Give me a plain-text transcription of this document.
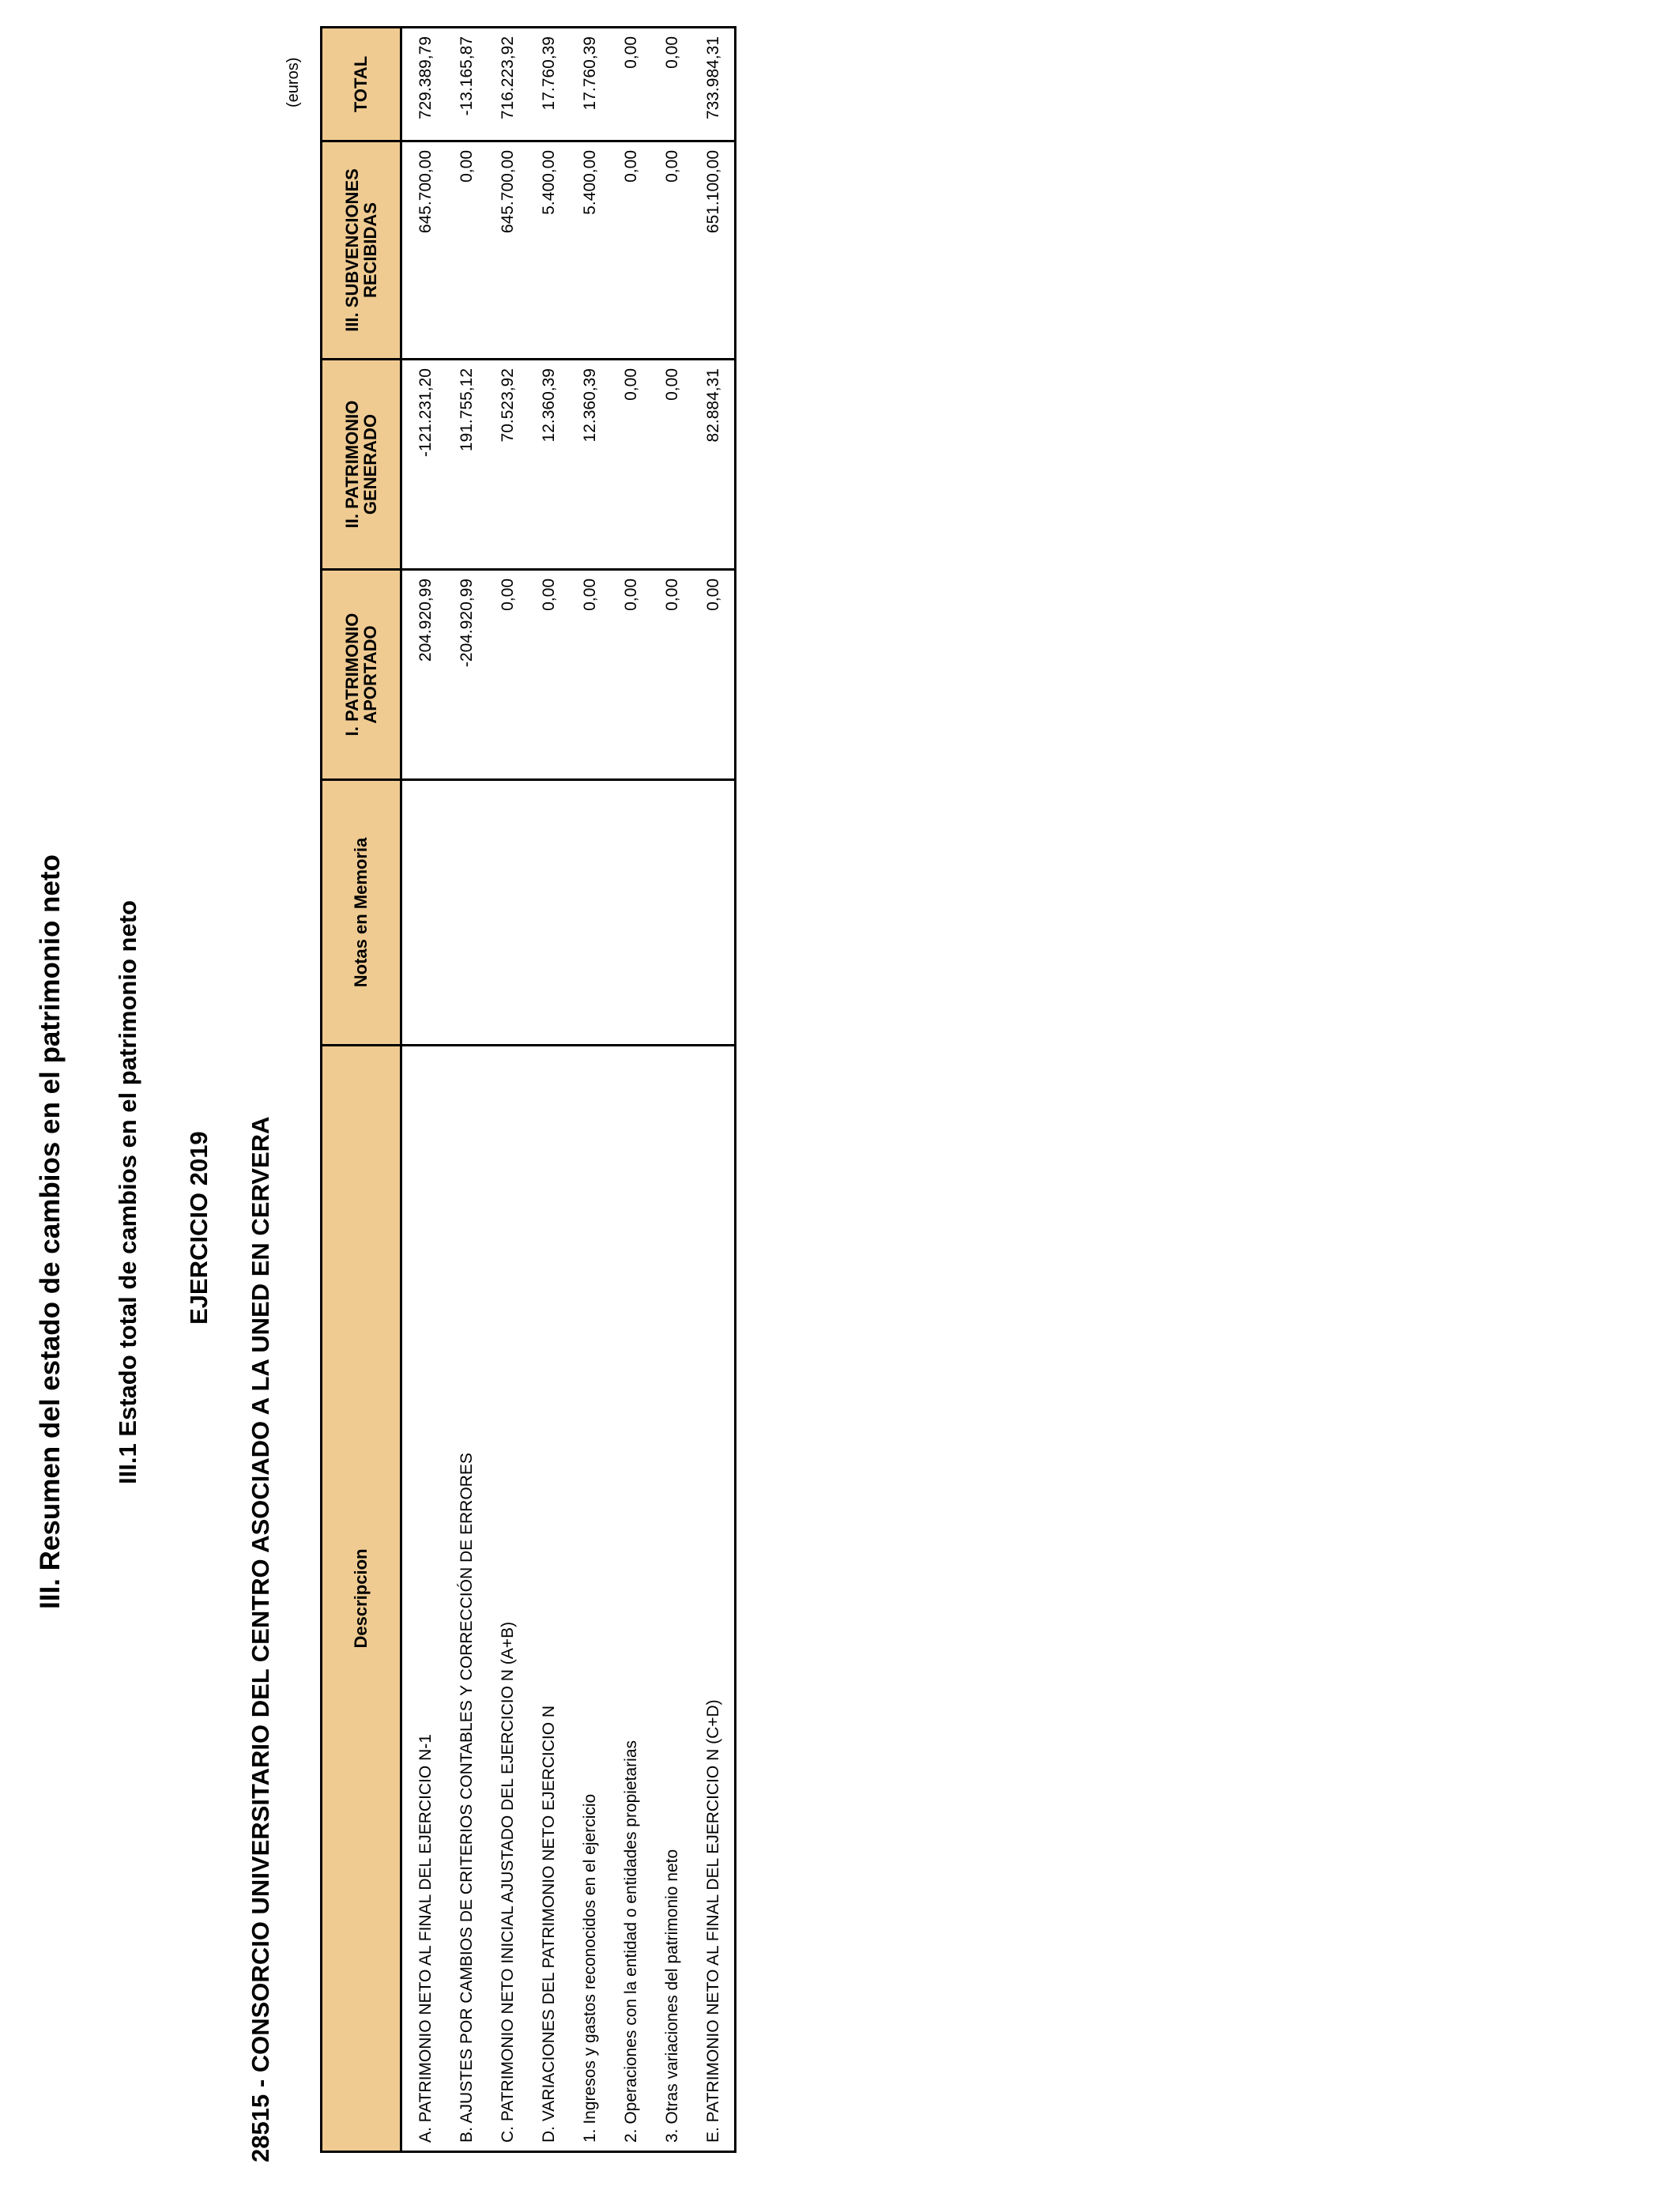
III. Resumen del estado de cambios en el patrimonio neto III.1 Estado total de cambios en el patrimonio neto EJERCICIO 2019 28515 - CONSORCIO UNIVERSITARIO DEL CENTRO ASOCIADO A LA UNED EN CERVERA
(euros)
Descripcion	Notas en Memoria	I. PATRIMONIO APORTADO	II. PATRIMONIO GENERADO	III. SUBVENCIONES RECIBIDAS	TOTAL
A. PATRIMONIO NETO AL FINAL DEL EJERCICIO N-1		204.920,99	-121.231,20	645.700,00	729.389,79
B. AJUSTES POR CAMBIOS DE CRITERIOS CONTABLES Y CORRECCIÓN DE ERRORES		-204.920,99	191.755,12	0,00	-13.165,87
C. PATRIMONIO NETO INICIAL AJUSTADO DEL EJERCICIO N (A+B)		0,00	70.523,92	645.700,00	716.223,92
D. VARIACIONES DEL PATRIMONIO NETO EJERCICIO N		0,00	12.360,39	5.400,00	17.760,39
1. Ingresos y gastos reconocidos en el ejercicio		0,00	12.360,39	5.400,00	17.760,39
2. Operaciones con la entidad o entidades propietarias		0,00	0,00	0,00	0,00
3. Otras variaciones del patrimonio neto		0,00	0,00	0,00	0,00
E. PATRIMONIO NETO AL FINAL DEL EJERCICIO N (C+D)		0,00	82.884,31	651.100,00	733.984,31
